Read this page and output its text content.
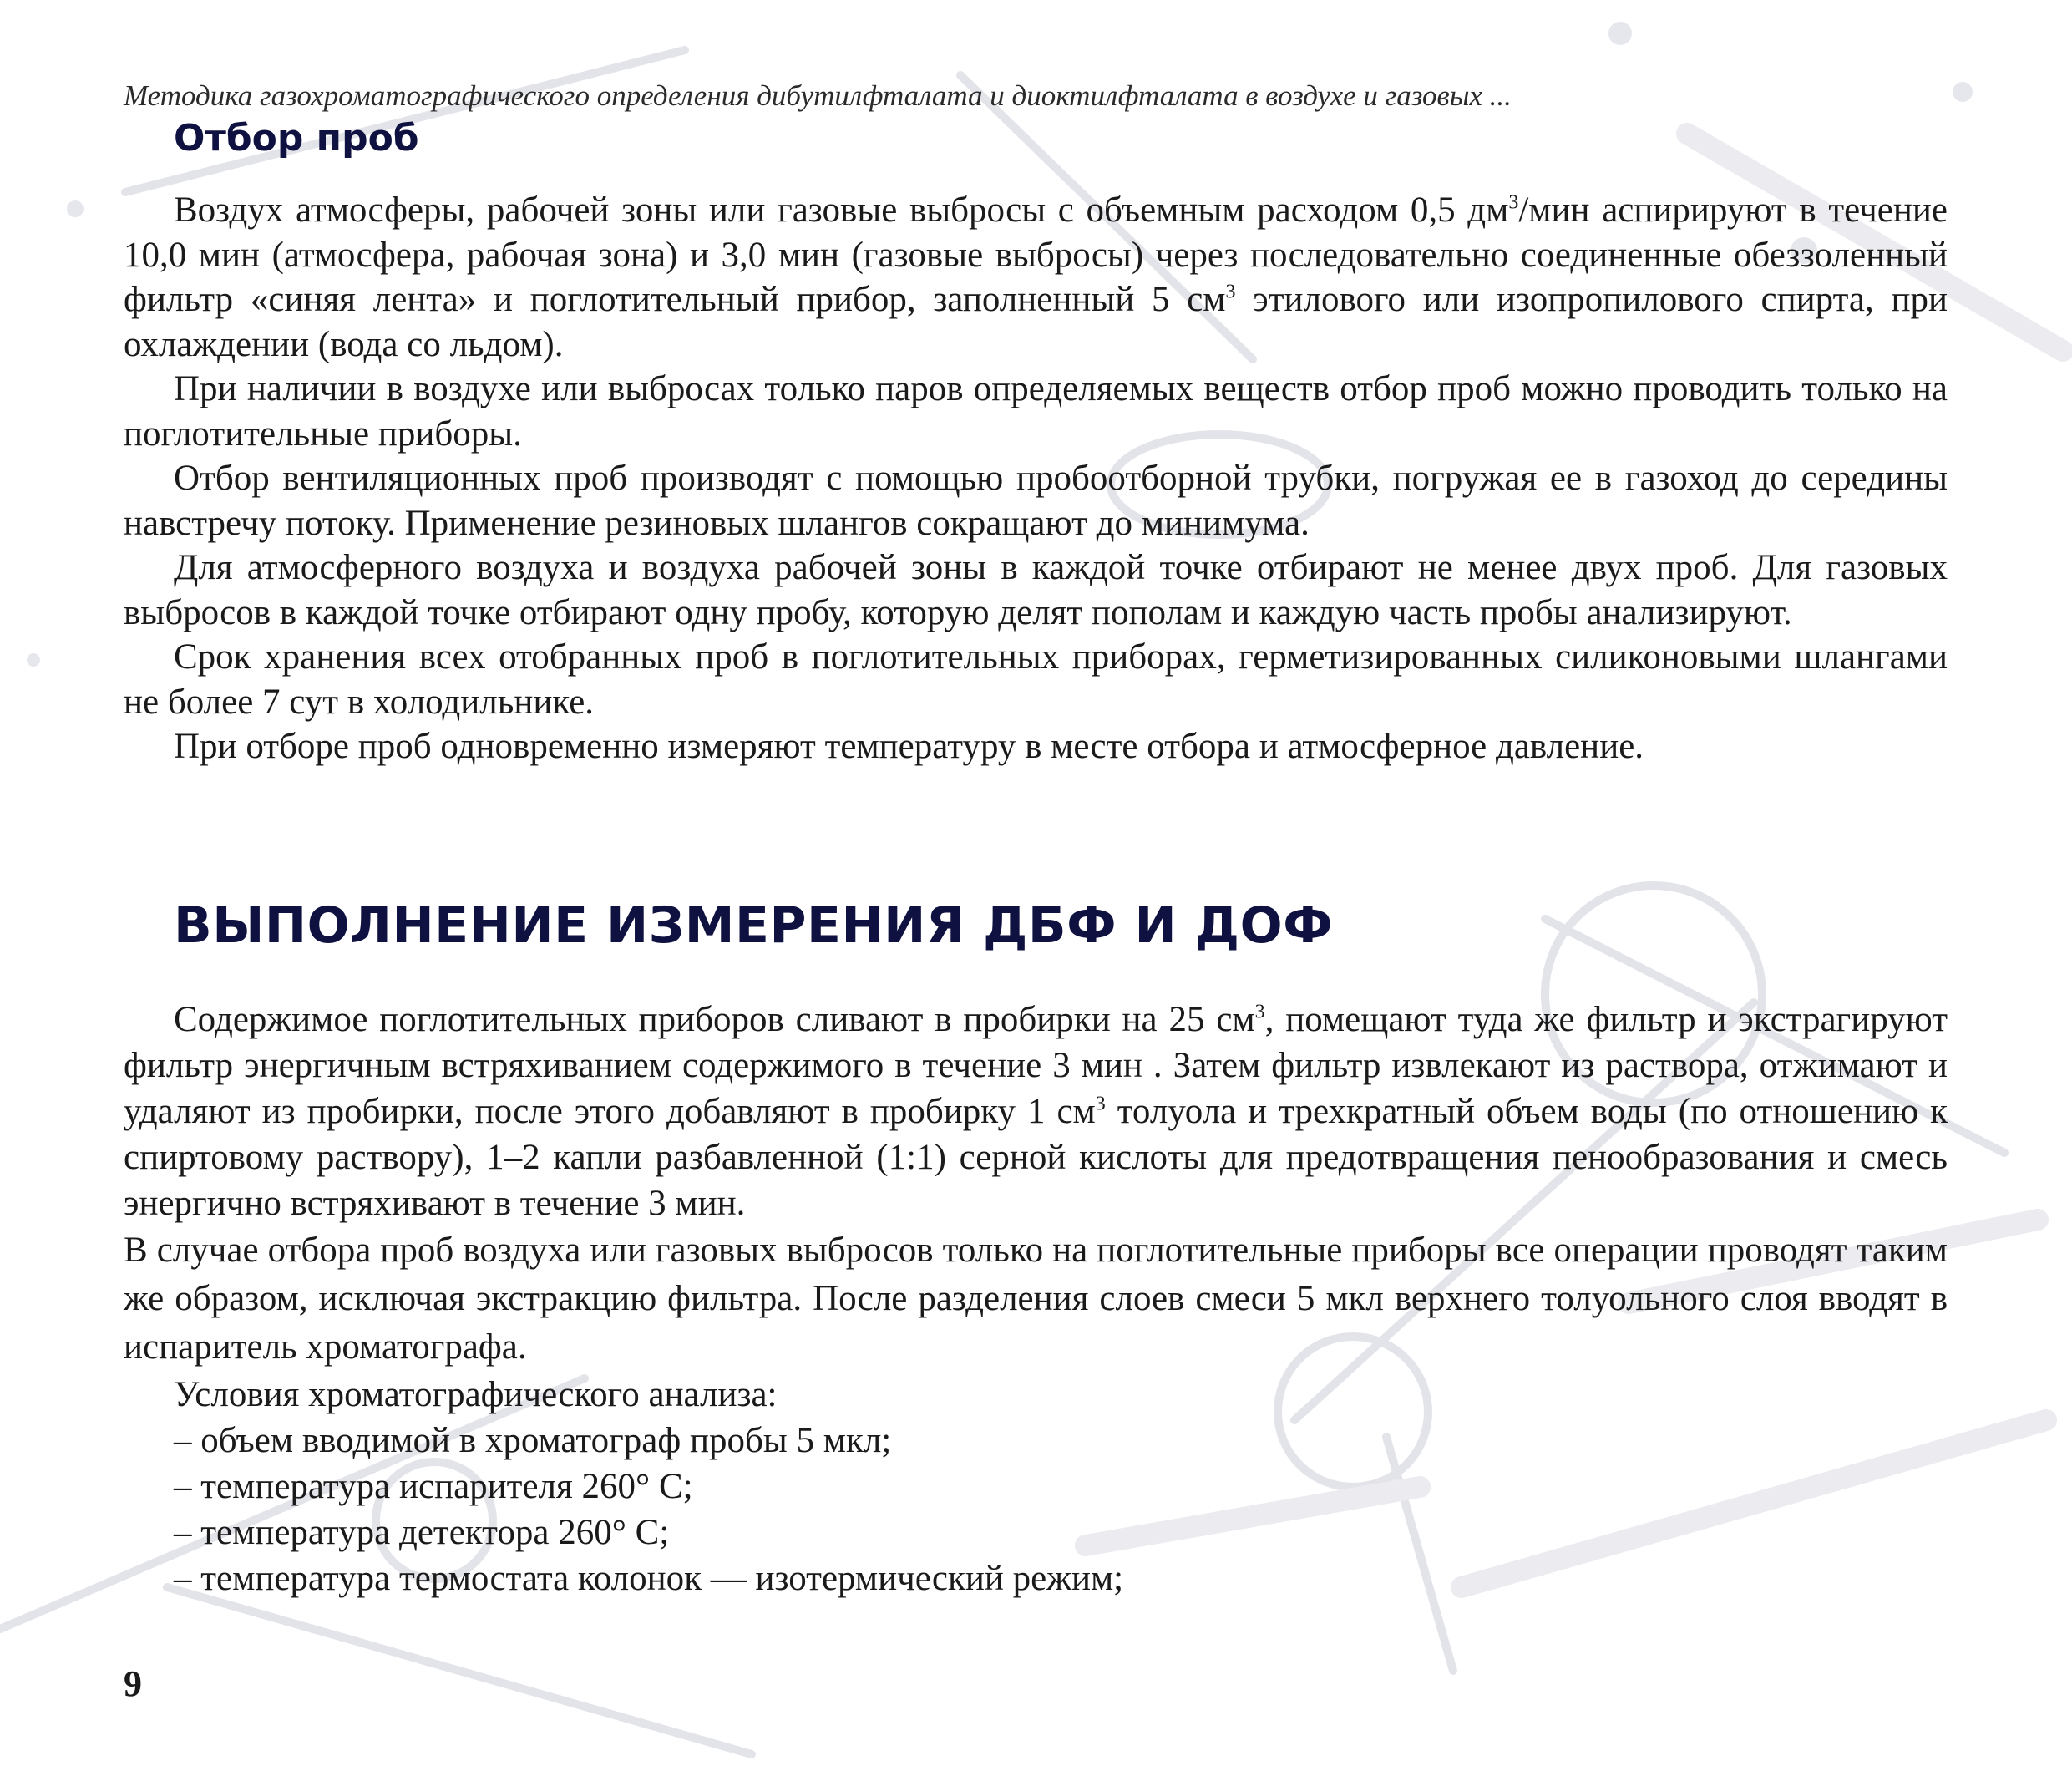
Методика газохроматографического определения дибутилфталата и диоктилфталата в воздухе и газовых ...
Отбор проб

Воздух атмосферы, рабочей зоны или газовые выбросы с объемным расходом 0,5 $дм^3$/мин аспирируют в течение 10,0 мин (атмосфера, рабочая зона) и 3,0 мин (газовые выбросы) через последовательно соединенные обеззоленный фильтр «синяя лента» и поглотительный прибор, заполненный 5 $см^3$ этилового или изопропилового спирта, при охлаждении (вода со льдом).

При наличии в воздухе или выбросах только паров определяемых веществ отбор проб можно проводить только на поглотительные приборы.

Отбор вентиляционных проб производят с помощью пробоотборной трубки, погружая ее в газоход до середины навстречу потоку. Применение резиновых шлангов сокращают до минимума.

Для атмосферного воздуха и воздуха рабочей зоны в каждой точке отбирают не менее двух проб. Для газовых выбросов в каждой точке отбирают одну пробу, которую делят пополам и каждую часть пробы анализируют.

Срок хранения всех отобранных проб в поглотительных приборах, герметизированных силиконовыми шлангами не более 7 сут в холодильнике.

При отборе проб одновременно измеряют температуру в месте отбора и атмосферное давление.

ВЫПОЛНЕНИЕ ИЗМЕРЕНИЯ ДБФ И ДОФ

Содержимое поглотительных приборов сливают в пробирки на 25 $см^3$, помещают туда же фильтр и экстрагируют фильтр энергичным встряхиванием содержимого в течение 3 мин . Затем фильтр извлекают из раствора, отжимают и удаляют из пробирки, после этого добавляют в пробирку 1 $см^3$ толуола и трехкратный объем воды (по отношению к спиртовому раствору), 1–2 капли разбавленной (1:1) серной кислоты для предотвращения пенообразования и смесь энергично встряхивают в течение 3 мин.

В случае отбора проб воздуха или газовых выбросов только на поглотительные приборы все операции проводят таким же образом, исключая экстракцию фильтра. После разделения слоев смеси 5 мкл верхнего толуольного слоя вводят в испаритель хроматографа.

Условия хроматографического анализа:

– объем вводимой в хроматограф пробы 5 мкл;
– температура испарителя 260° С;
– температура детектора 260° С;
– температура термостата колонок — изотермический режим;
9
